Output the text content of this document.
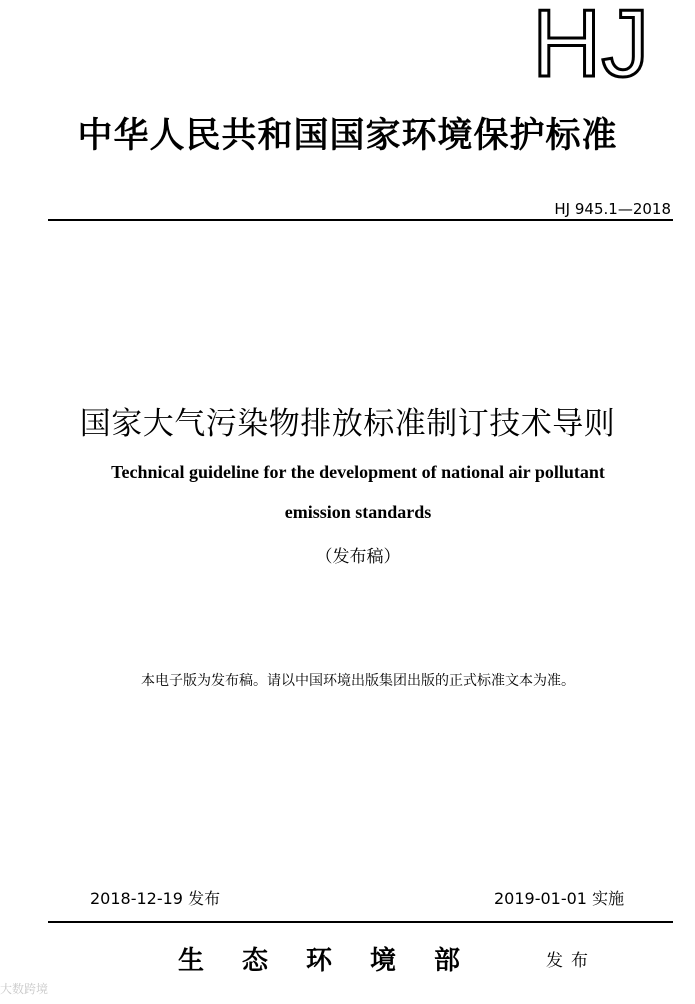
HJ
中华人民共和国国家环境保护标准
HJ 945.1—2018
国家大气污染物排放标准制订技术导则
Technical guideline for the development of national air pollutant
emission standards
（发布稿）
本电子版为发布稿。请以中国环境出版集团出版的正式标准文本为准。
2018-12-19 发布	2019-01-01 实施
生态环境部	发布
大数跨境
